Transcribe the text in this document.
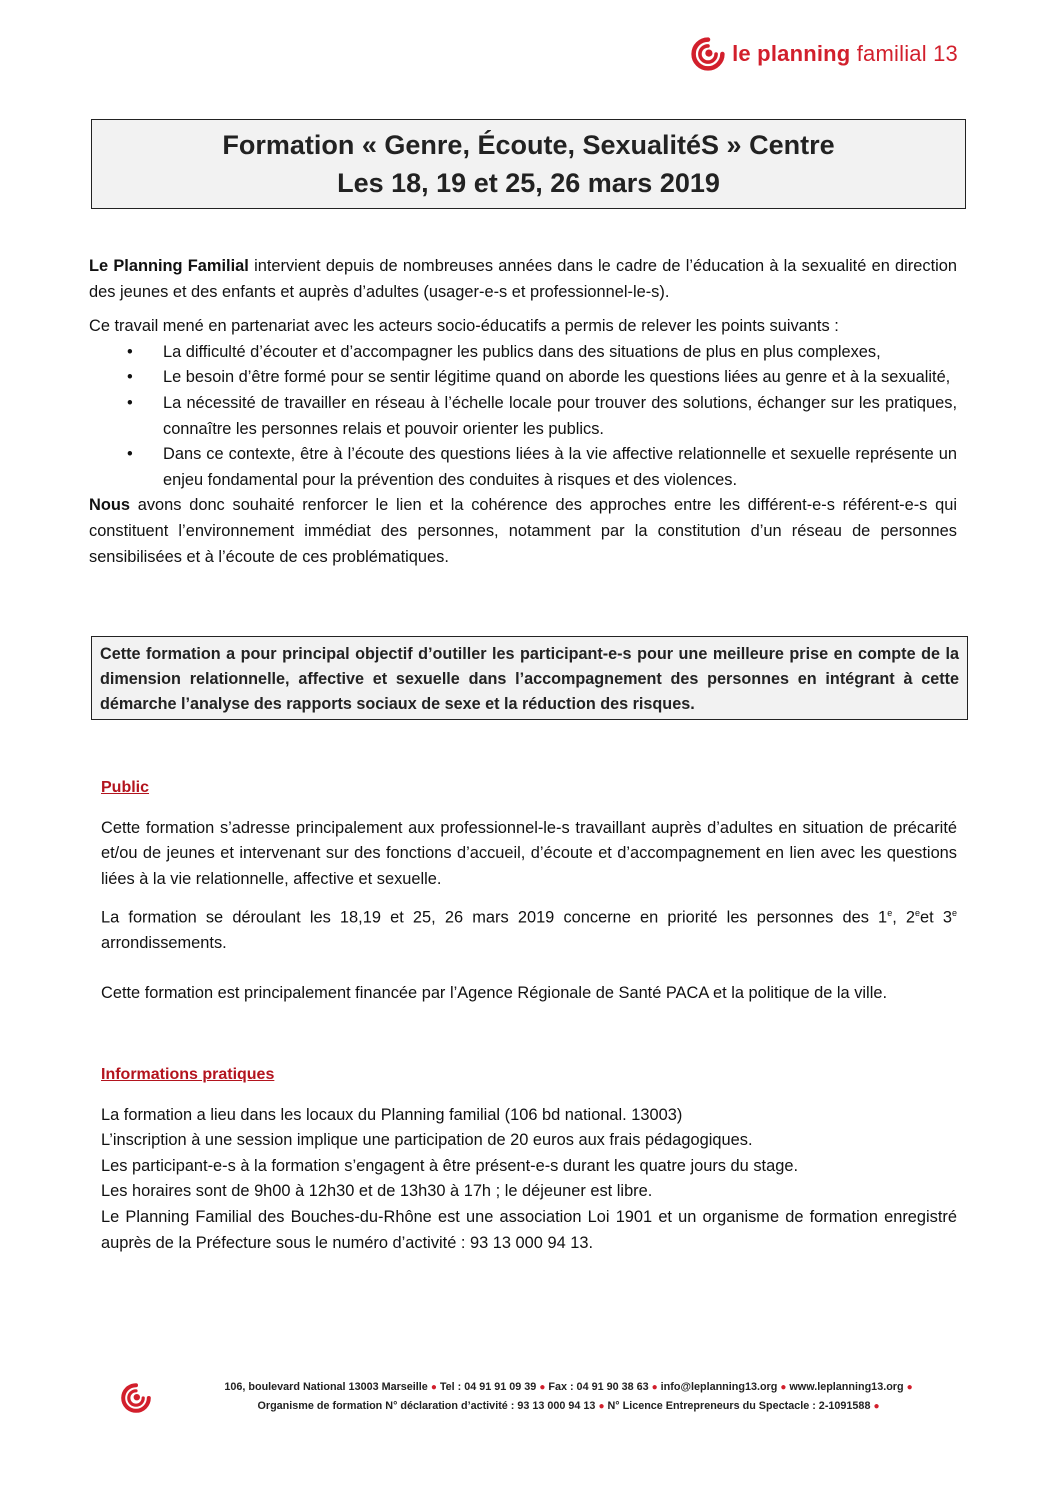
le planning familial 13
Formation « Genre, Écoute, SexualitéS » Centre
Les 18, 19 et 25, 26 mars 2019

Le Planning Familial intervient depuis de nombreuses années dans le cadre de l’éducation à la sexualité en direction des jeunes et des enfants et auprès d’adultes (usager-e-s et professionnel-le-s).

Ce travail mené en partenariat avec les acteurs socio-éducatifs a permis de relever les points suivants :

•	La difficulté d’écouter et d’accompagner les publics dans des situations de plus en plus complexes,
•	Le besoin d’être formé pour se sentir légitime quand on aborde les questions liées au genre et à la sexualité,
•	La nécessité de travailler en réseau à l’échelle locale pour trouver des solutions, échanger sur les pratiques, connaître les personnes relais et pouvoir orienter les publics.
•	Dans ce contexte, être à l’écoute des questions liées à la vie affective relationnelle et sexuelle représente un enjeu fondamental pour la prévention des conduites à risques et des violences.

Nous avons donc souhaité renforcer le lien et la cohérence des approches entre les différent-e-s référent-e-s qui constituent l’environnement immédiat des personnes, notamment par la constitution d’un réseau de personnes sensibilisées et à l’écoute de ces problématiques.

Cette formation a pour principal objectif d’outiller les participant-e-s pour une meilleure prise en compte de la dimension relationnelle, affective et sexuelle dans l’accompagnement des personnes en intégrant à cette démarche l’analyse des rapports sociaux de sexe et la réduction des risques.

Public

Cette formation s’adresse principalement aux professionnel-le-s travaillant auprès d’adultes en situation de précarité et/ou de jeunes et intervenant sur des fonctions d’accueil, d’écoute et d’accompagnement en lien avec les questions liées à la vie relationnelle, affective et sexuelle.

La formation se déroulant les 18,19 et 25, 26 mars 2019 concerne en priorité les personnes des 1e, 2eet 3e arrondissements.

Cette formation est principalement financée par l’Agence Régionale de Santé PACA et la politique de la ville.

Informations pratiques

La formation a lieu dans les locaux du Planning familial (106 bd national. 13003)
L’inscription à une session implique une participation de 20 euros aux frais pédagogiques.
Les participant-e-s à la formation s’engagent à être présent-e-s durant les quatre jours du stage.
Les horaires sont de 9h00 à 12h30 et de 13h30 à 17h ; le déjeuner est libre.
Le Planning Familial des Bouches-du-Rhône est une association Loi 1901 et un organisme de formation enregistré auprès de la Préfecture sous le numéro d’activité : 93 13 000 94 13.
106, boulevard National 13003 Marseille ● Tel : 04 91 91 09 39 ● Fax : 04 91 90 38 63 ● info@leplanning13.org ● www.leplanning13.org ●
Organisme de formation N° déclaration d’activité : 93 13 000 94 13 ● N° Licence Entrepreneurs du Spectacle : 2-1091588 ●
